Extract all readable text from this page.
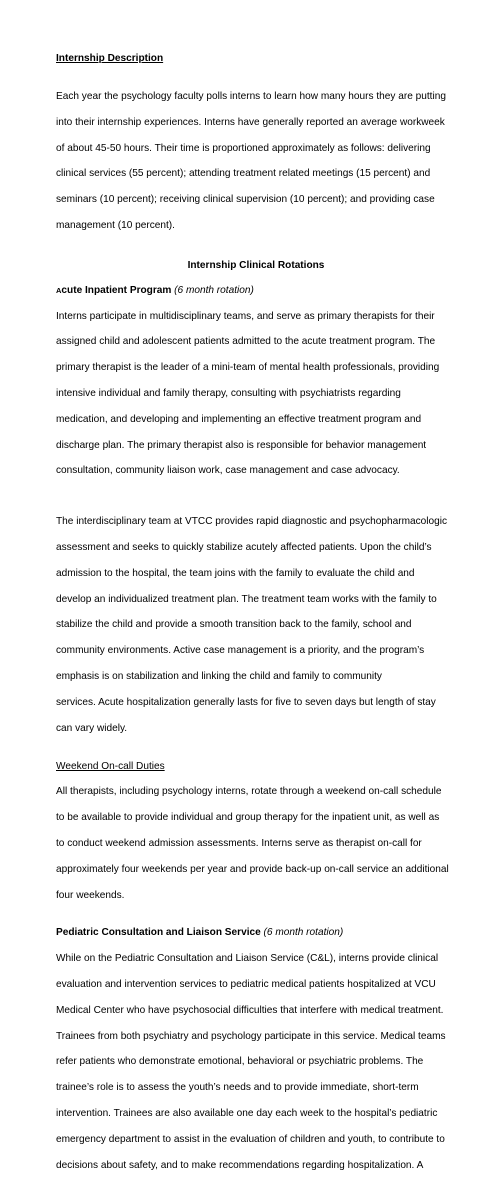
Internship Description

Each year the psychology faculty polls interns to learn how many hours they are putting

into their internship experiences. Interns have generally reported an average workweek

of about 45-50 hours. Their time is proportioned approximately as follows: delivering

clinical services (55 percent); attending treatment related meetings (15 percent) and

seminars (10 percent); receiving clinical supervision (10 percent); and providing case

management (10 percent).

Internship Clinical Rotations

Acute Inpatient Program (6 month rotation)

Interns participate in multidisciplinary teams, and serve as primary therapists for their

assigned child and adolescent patients admitted to the acute treatment program. The

primary therapist is the leader of a mini-team of mental health professionals, providing

intensive individual and family therapy, consulting with psychiatrists regarding

medication, and developing and implementing an effective treatment program and

discharge plan. The primary therapist also is responsible for behavior management

consultation, community liaison work, case management and case advocacy.

The interdisciplinary team at VTCC provides rapid diagnostic and psychopharmacologic

assessment and seeks to quickly stabilize acutely affected patients. Upon the child’s

admission to the hospital, the team joins with the family to evaluate the child and

develop an individualized treatment plan. The treatment team works with the family to

stabilize the child and provide a smooth transition back to the family, school and

community environments. Active case management is a priority, and the program’s

emphasis is on stabilization and linking the child and family to community

services. Acute hospitalization generally lasts for five to seven days but length of stay

can vary widely.

Weekend On-call Duties

All therapists, including psychology interns, rotate through a weekend on-call schedule

to be available to provide individual and group therapy for the inpatient unit, as well as

to conduct weekend admission assessments. Interns serve as therapist on-call for

approximately four weekends per year and provide back-up on-call service an additional

four weekends.

Pediatric Consultation and Liaison Service (6 month rotation)

While on the Pediatric Consultation and Liaison Service (C&L), interns provide clinical

evaluation and intervention services to pediatric medical patients hospitalized at VCU

Medical Center who have psychosocial difficulties that interfere with medical treatment.

Trainees from both psychiatry and psychology participate in this service. Medical teams

refer patients who demonstrate emotional, behavioral or psychiatric problems. The

trainee’s role is to assess the youth’s needs and to provide immediate, short-term

intervention. Trainees are also available one day each week to the hospital’s pediatric

emergency department to assist in the evaluation of children and youth, to contribute to

decisions about safety, and to make recommendations regarding hospitalization. A
